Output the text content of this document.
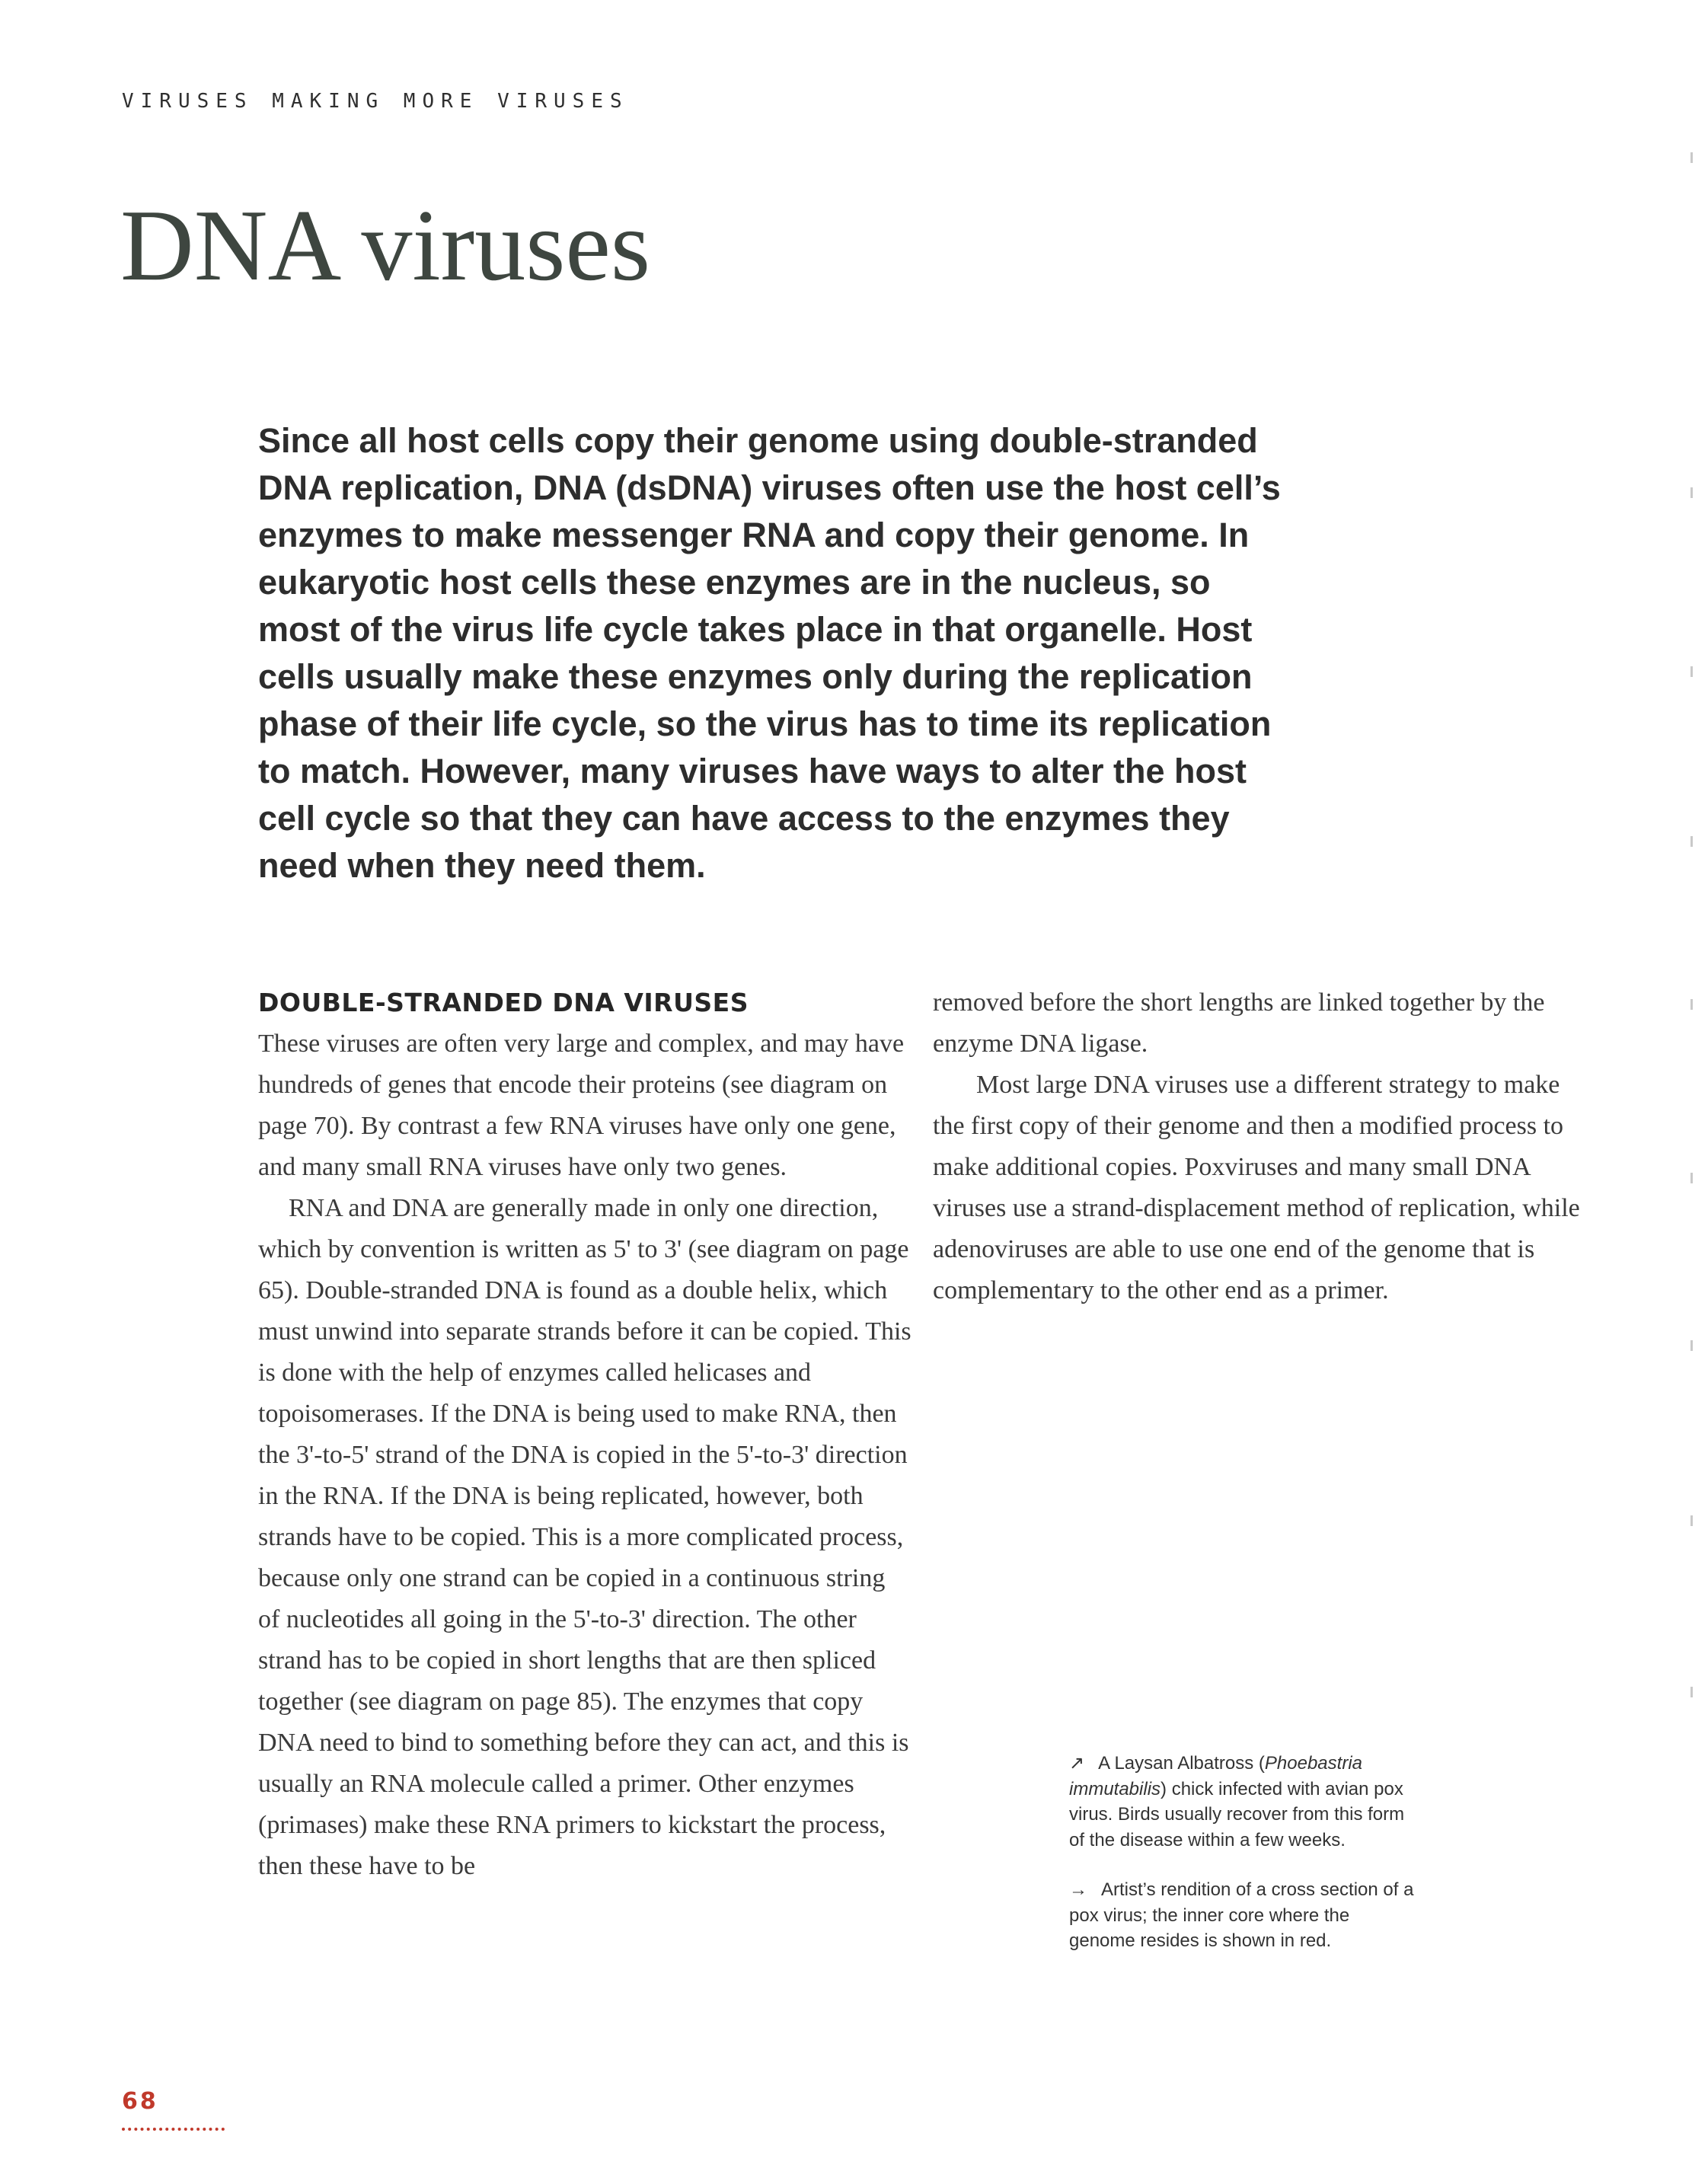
VIRUSES MAKING MORE VIRUSES
DNA viruses

Since all host cells copy their genome using double-stranded DNA replication, DNA (dsDNA) viruses often use the host cell’s enzymes to make messenger RNA and copy their genome. In eukaryotic host cells these enzymes are in the nucleus, so most of the virus life cycle takes place in that organelle. Host cells usually make these enzymes only during the replication phase of their life cycle, so the virus has to time its replication to match. However, many viruses have ways to alter the host cell cycle so that they can have access to the enzymes they need when they need them.

DOUBLE-STRANDED DNA VIRUSES

These viruses are often very large and complex, and may have hundreds of genes that encode their proteins (see diagram on page 70). By contrast a few RNA viruses have only one gene, and many small RNA viruses have only two genes.

RNA and DNA are generally made in only one direction, which by convention is written as 5' to 3' (see diagram on page 65). Double-stranded DNA is found as a double helix, which must unwind into separate strands before it can be copied. This is done with the help of enzymes called helicases and topoisomerases. If the DNA is being used to make RNA, then the 3'-to-5' strand of the DNA is copied in the 5'-to-3' direction in the RNA. If the DNA is being replicated, however, both strands have to be copied. This is a more complicated process, because only one strand can be copied in a continuous string of nucleotides all going in the 5'-to-3' direction. The other strand has to be copied in short lengths that are then spliced together (see diagram on page 85). The enzymes that copy DNA need to bind to something before they can act, and this is usually an RNA molecule called a primer. Other enzymes (primases) make these RNA primers to kickstart the process, then these have to be

removed before the short lengths are linked together by the enzyme DNA ligase.

Most large DNA viruses use a different strategy to make the first copy of their genome and then a modified process to make additional copies. Poxviruses and many small DNA viruses use a strand-displacement method of replication, while adenoviruses are able to use one end of the genome that is complementary to the other end as a primer.

↗ A Laysan Albatross (Phoebastria immutabilis) chick infected with avian pox virus. Birds usually recover from this form of the disease within a few weeks.

→ Artist’s rendition of a cross section of a pox virus; the inner core where the genome resides is shown in red.

68
